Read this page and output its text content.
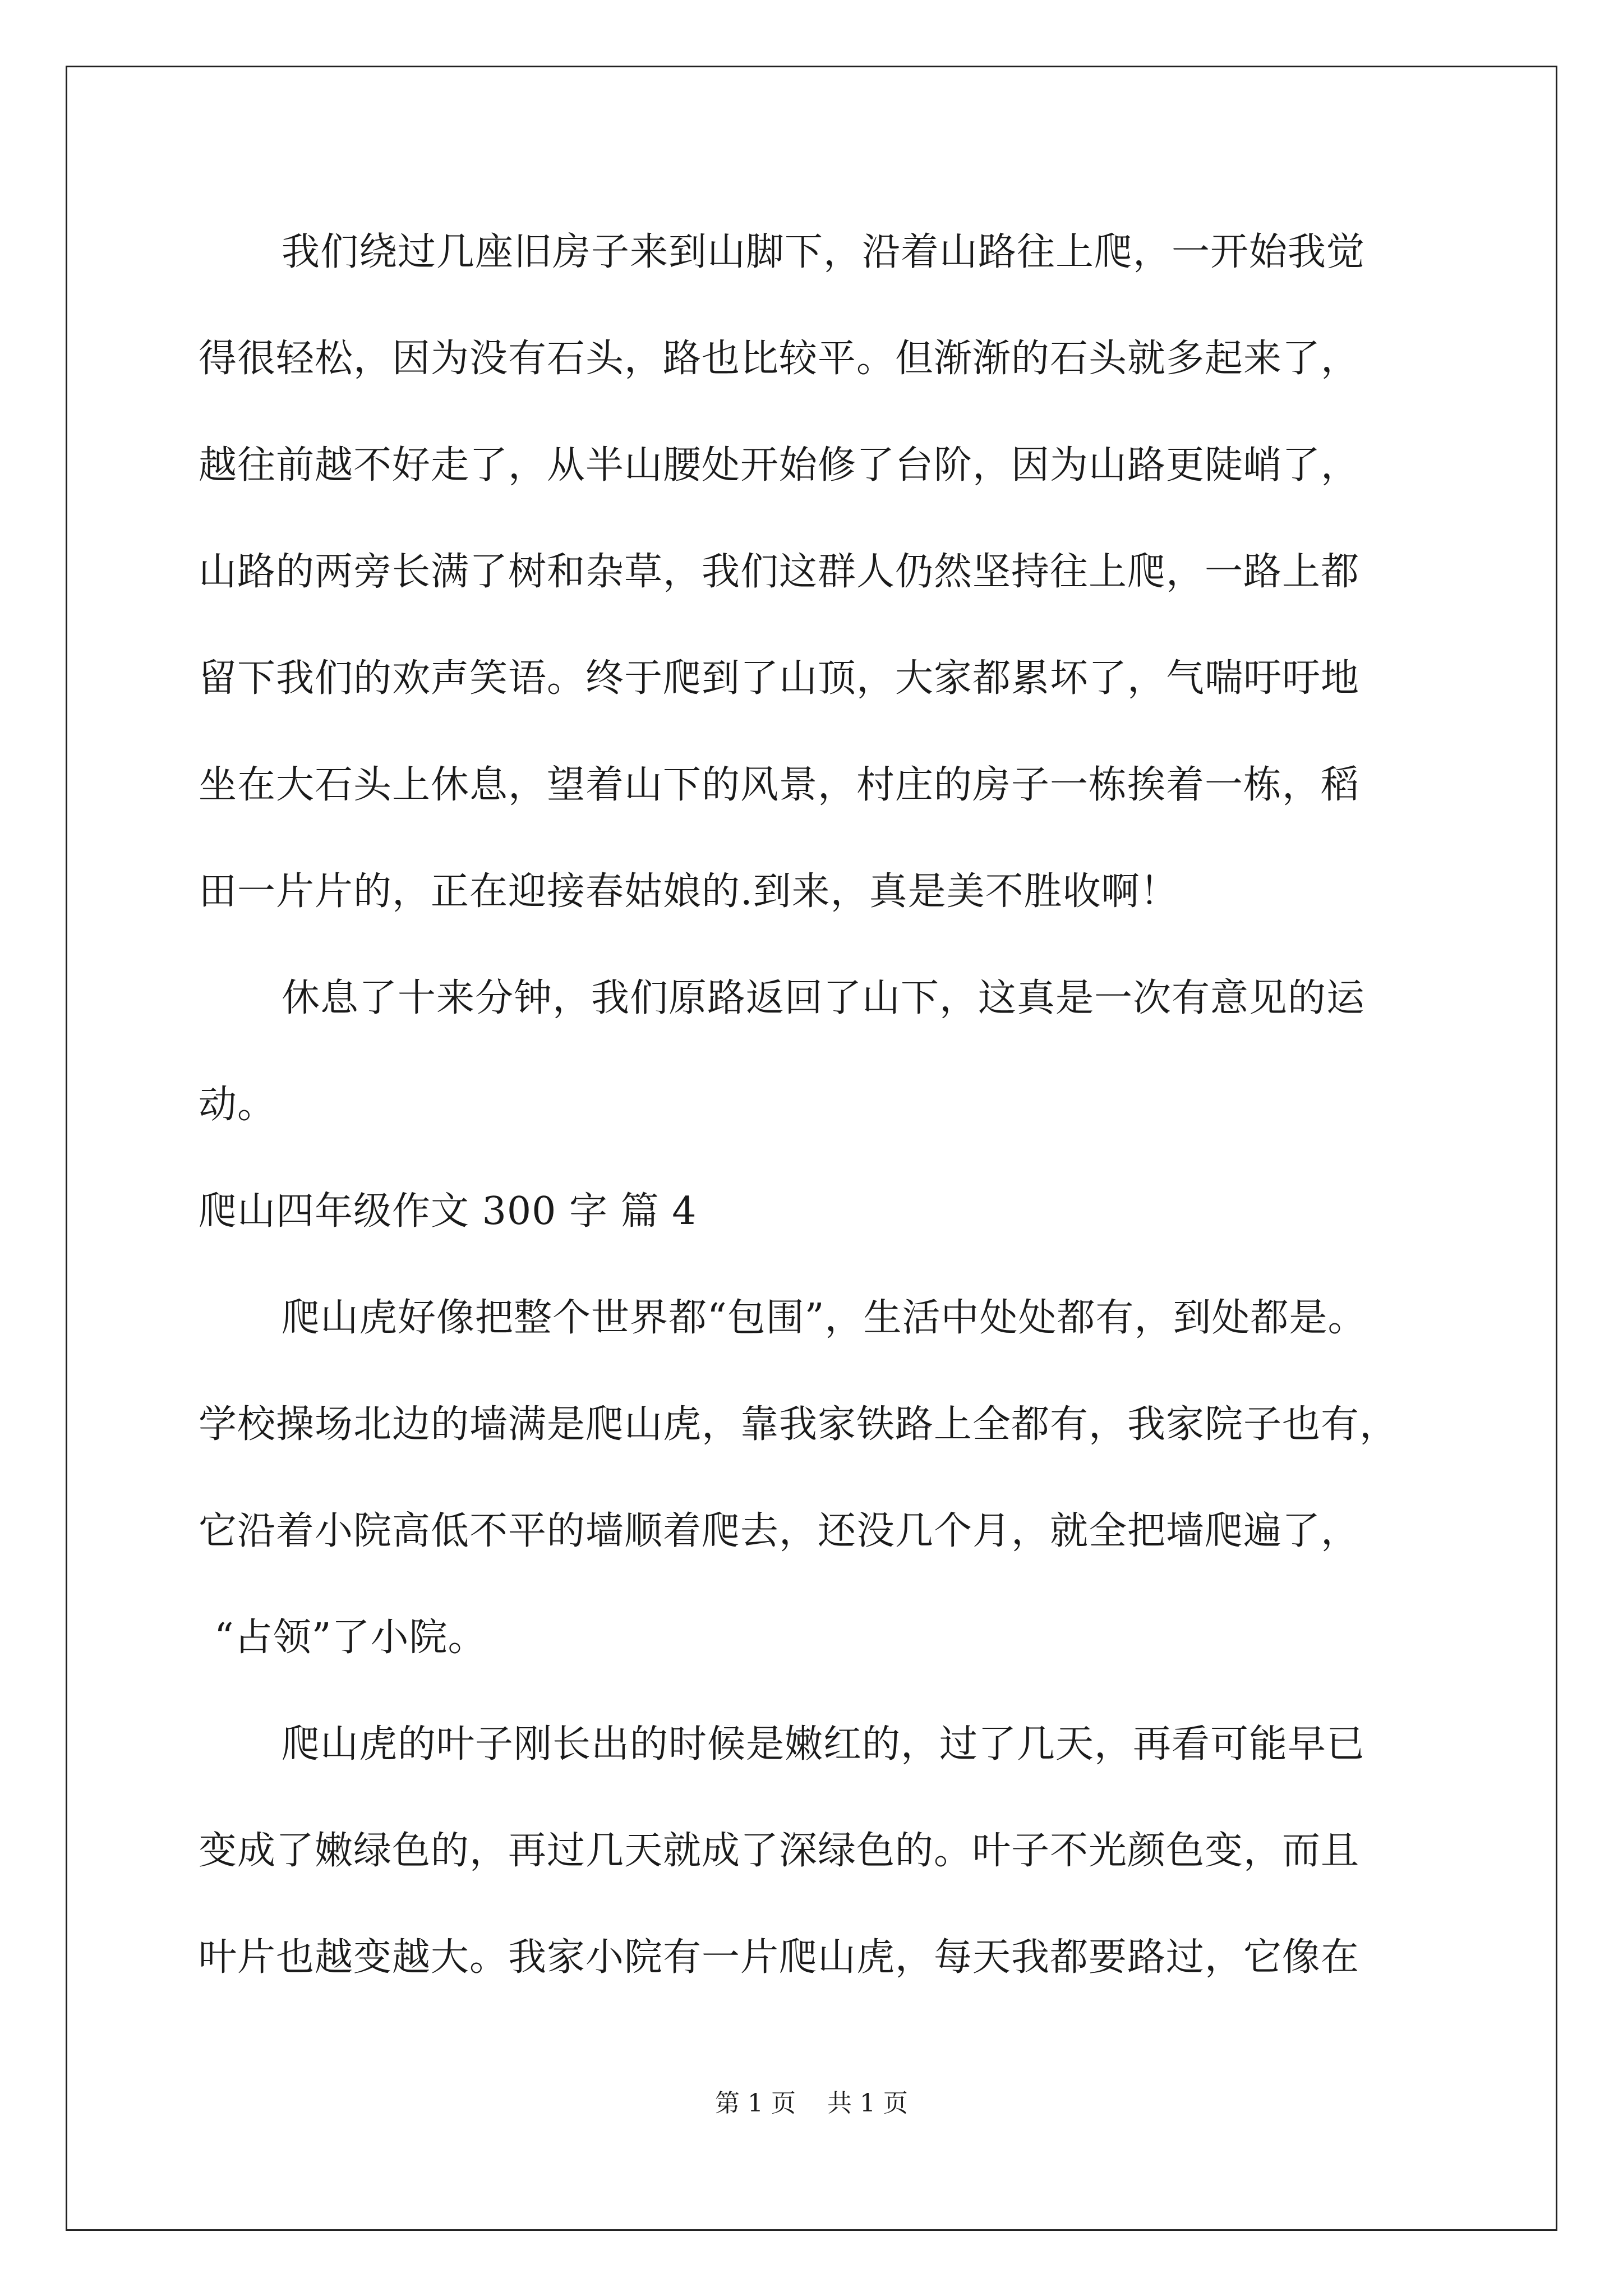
我们绕过几座旧房子来到山脚下，沿着山路往上爬，一开始我觉
得很轻松，因为没有石头，路也比较平。但渐渐的石头就多起来了，
越往前越不好走了，从半山腰处开始修了台阶，因为山路更陡峭了，
山路的两旁长满了树和杂草，我们这群人仍然坚持往上爬，一路上都
留下我们的欢声笑语。终于爬到了山顶，大家都累坏了，气喘吁吁地
坐在大石头上休息，望着山下的风景，村庄的房子一栋挨着一栋，稻
田一片片的，正在迎接春姑娘的.到来，真是美不胜收啊！
休息了十来分钟，我们原路返回了山下，这真是一次有意见的运
动。
爬山四年级作文 300 字 篇 4
爬山虎好像把整个世界都“包围”，生活中处处都有，到处都是。
学校操场北边的墙满是爬山虎，靠我家铁路上全都有，我家院子也有，
它沿着小院高低不平的墙顺着爬去，还没几个月，就全把墙爬遍了，
“占领”了小院。
爬山虎的叶子刚长出的时候是嫩红的，过了几天，再看可能早已
变成了嫩绿色的，再过几天就成了深绿色的。叶子不光颜色变，而且
叶片也越变越大。我家小院有一片爬山虎，每天我都要路过，它像在
第 1 页    共 1 页
